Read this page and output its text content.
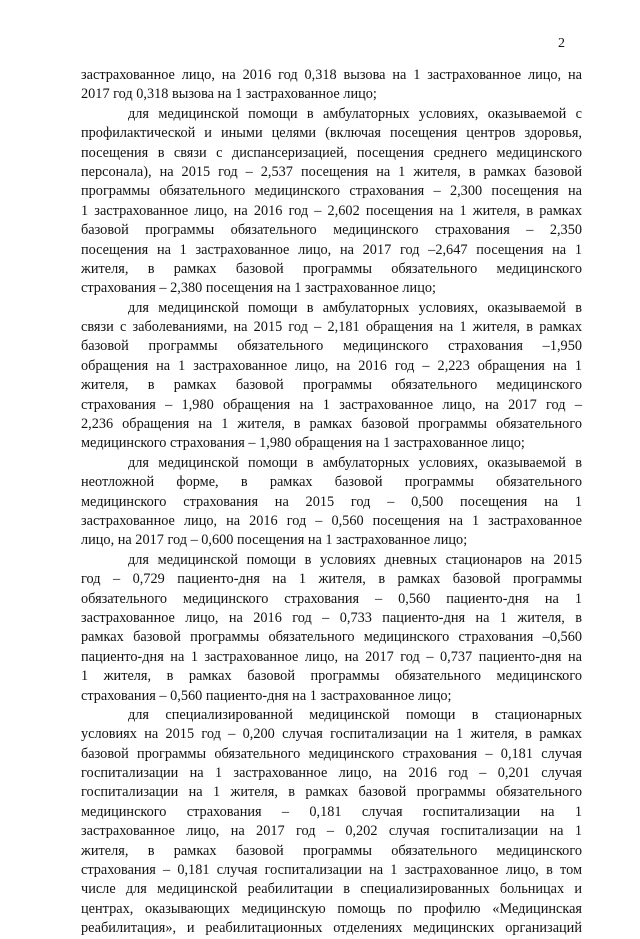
2
застрахованное лицо, на 2016 год 0,318 вызова на 1 застрахованное лицо, на
2017 год 0,318 вызова на 1 застрахованное лицо;
для медицинской помощи в амбулаторных условиях, оказываемой с
профилактической и иными целями (включая посещения центров здоровья,
посещения в связи с диспансеризацией, посещения среднего медицинского
персонала), на 2015 год – 2,537 посещения на 1 жителя, в рамках базовой
программы обязательного медицинского страхования – 2,300 посещения на
1 застрахованное лицо, на 2016 год – 2,602 посещения на 1 жителя, в рамках
базовой программы обязательного медицинского страхования – 2,350
посещения на 1 застрахованное лицо, на 2017 год –2,647 посещения на 1
жителя, в рамках базовой программы обязательного медицинского
страхования – 2,380 посещения на 1 застрахованное лицо;
для медицинской помощи в амбулаторных условиях, оказываемой в
связи с заболеваниями, на 2015 год – 2,181 обращения на 1 жителя, в рамках
базовой программы обязательного медицинского страхования –1,950
обращения на 1 застрахованное лицо, на 2016 год – 2,223 обращения на 1
жителя, в рамках базовой программы обязательного медицинского
страхования – 1,980 обращения на 1 застрахованное лицо, на 2017 год –
2,236 обращения на 1 жителя, в рамках базовой программы обязательного
медицинского страхования – 1,980 обращения на 1 застрахованное лицо;
для медицинской помощи в амбулаторных условиях, оказываемой в
неотложной форме, в рамках базовой программы обязательного
медицинского страхования на 2015 год – 0,500 посещения на 1
застрахованное лицо, на 2016 год – 0,560 посещения на 1 застрахованное
лицо, на 2017 год – 0,600 посещения на 1 застрахованное лицо;
для медицинской помощи в условиях дневных стационаров на 2015
год – 0,729 пациенто-дня на 1 жителя, в рамках базовой программы
обязательного медицинского страхования – 0,560 пациенто-дня на 1
застрахованное лицо, на 2016 год – 0,733 пациенто-дня на 1 жителя, в
рамках базовой программы обязательного медицинского страхования –0,560
пациенто-дня на 1 застрахованное лицо, на 2017 год – 0,737 пациенто-дня на
1 жителя, в рамках базовой программы обязательного медицинского
страхования – 0,560 пациенто-дня на 1 застрахованное лицо;
для специализированной медицинской помощи в стационарных
условиях на 2015 год – 0,200 случая госпитализации на 1 жителя, в рамках
базовой программы обязательного медицинского страхования – 0,181 случая
госпитализации на 1 застрахованное лицо, на 2016 год – 0,201 случая
госпитализации на 1 жителя, в рамках базовой программы обязательного
медицинского страхования – 0,181 случая госпитализации на 1
застрахованное лицо, на 2017 год – 0,202 случая госпитализации на 1
жителя, в рамках базовой программы обязательного медицинского
страхования – 0,181 случая госпитализации на 1 застрахованное лицо, в том
числе для медицинской реабилитации в специализированных больницах и
центрах, оказывающих медицинскую помощь по профилю «Медицинская
реабилитация», и реабилитационных отделениях медицинских организаций
